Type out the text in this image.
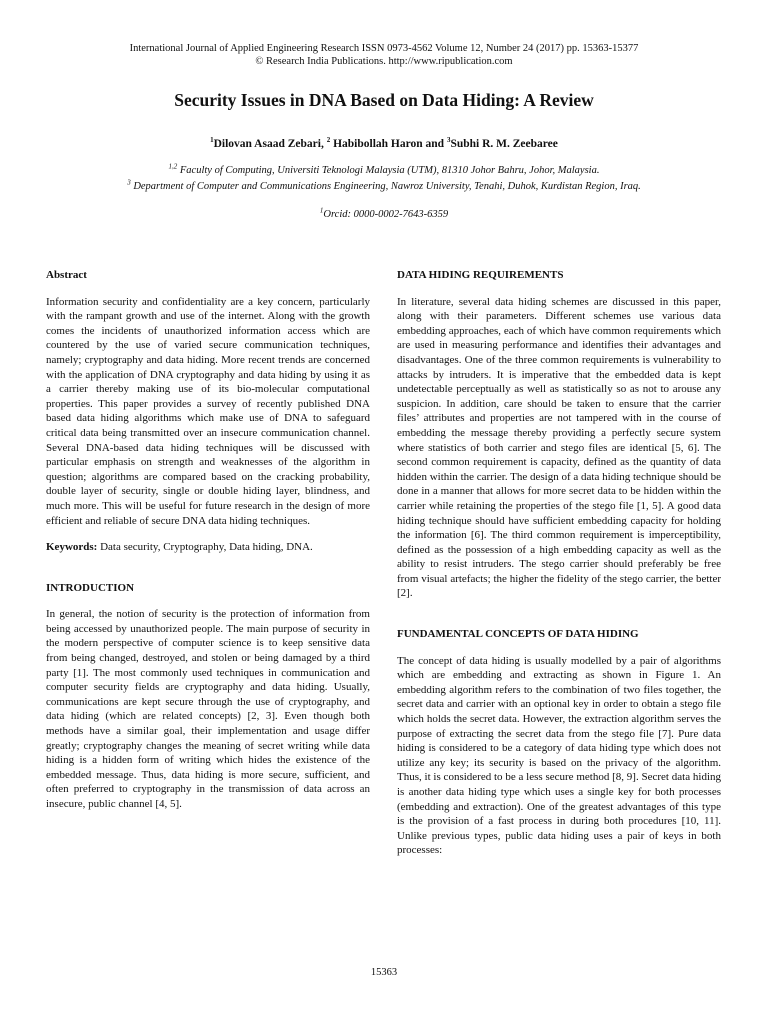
International Journal of Applied Engineering Research ISSN 0973-4562 Volume 12, Number 24 (2017) pp. 15363-15377
© Research India Publications. http://www.ripublication.com
Security Issues in DNA Based on Data Hiding: A Review
$^1$Dilovan Asaad Zebari, $^2$ Habibollah Haron and $^3$Subhi R. M. Zeebaree
$^{1,2}$ Faculty of Computing, Universiti Teknologi Malaysia (UTM), 81310 Johor Bahru, Johor, Malaysia.
$^3$ Department of Computer and Communications Engineering, Nawroz University, Tenahi, Duhok, Kurdistan Region, Iraq.
$^1$Orcid: 0000-0002-7643-6359
Abstract

Information security and confidentiality are a key concern, particularly with the rampant growth and use of the internet. Along with the growth comes the incidents of unauthorized information access which are countered by the use of varied secure communication techniques, namely; cryptography and data hiding. More recent trends are concerned with the application of DNA cryptography and data hiding by using it as a carrier thereby making use of its bio-molecular computational properties. This paper provides a survey of recently published DNA based data hiding algorithms which make use of DNA to safeguard critical data being transmitted over an insecure communication channel. Several DNA-based data hiding techniques will be discussed with particular emphasis on strength and weaknesses of the algorithm in question; algorithms are compared based on the cracking probability, double layer of security, single or double hiding layer, blindness, and much more. This will be useful for future research in the design of more efficient and reliable of secure DNA data hiding techniques.

Keywords: Data security, Cryptography, Data hiding, DNA.

INTRODUCTION

In general, the notion of security is the protection of information from being accessed by unauthorized people. The main purpose of security in the modern perspective of computer science is to keep sensitive data from being changed, destroyed, and stolen or being damaged by a third party [1]. The most commonly used techniques in communication and computer security fields are cryptography and data hiding. Usually, communications are kept secure through the use of cryptography, and data hiding (which are related concepts) [2, 3]. Even though both methods have a similar goal, their implementation and usage differ greatly; cryptography changes the meaning of secret writing while data hiding is a hidden form of writing which hides the existence of the embedded message. Thus, data hiding is more secure, sufficient, and often preferred to cryptography in the transmission of data across an insecure, public channel [4, 5].

DATA HIDING REQUIREMENTS

In literature, several data hiding schemes are discussed in this paper, along with their parameters. Different schemes use various data embedding approaches, each of which have common requirements which are used in measuring performance and identifies their advantages and disadvantages. One of the three common requirements is vulnerability to attacks by intruders. It is imperative that the embedded data is kept undetectable perceptually as well as statistically so as not to arouse any suspicion. In addition, care should be taken to ensure that the carrier files’ attributes and properties are not tampered with in the course of embedding the message thereby providing a perfectly secure system where statistics of both carrier and stego files are identical [5, 6]. The second common requirement is capacity, defined as the quantity of data hidden within the carrier. The design of a data hiding technique should be done in a manner that allows for more secret data to be hidden within the carrier while retaining the properties of the stego file [1, 5]. A good data hiding technique should have sufficient embedding capacity for holding the information [6]. The third common requirement is imperceptibility, defined as the possession of a high embedding capacity as well as the ability to resist intruders. The stego carrier should preferably be free from visual artefacts; the higher the fidelity of the stego carrier, the better [2].

FUNDAMENTAL CONCEPTS OF DATA HIDING

The concept of data hiding is usually modelled by a pair of algorithms which are embedding and extracting as shown in Figure 1. An embedding algorithm refers to the combination of two files together, the secret data and carrier with an optional key in order to obtain a stego file which holds the secret data. However, the extraction algorithm serves the purpose of extracting the secret data from the stego file [7]. Pure data hiding is considered to be a category of data hiding type which does not utilize any key; its security is based on the privacy of the algorithm. Thus, it is considered to be a less secure method [8, 9]. Secret data hiding is another data hiding type which uses a single key for both processes (embedding and extraction). One of the greatest advantages of this type is the provision of a fast process in during both procedures [10, 11]. Unlike previous types, public data hiding uses a pair of keys in both processes:

15363
